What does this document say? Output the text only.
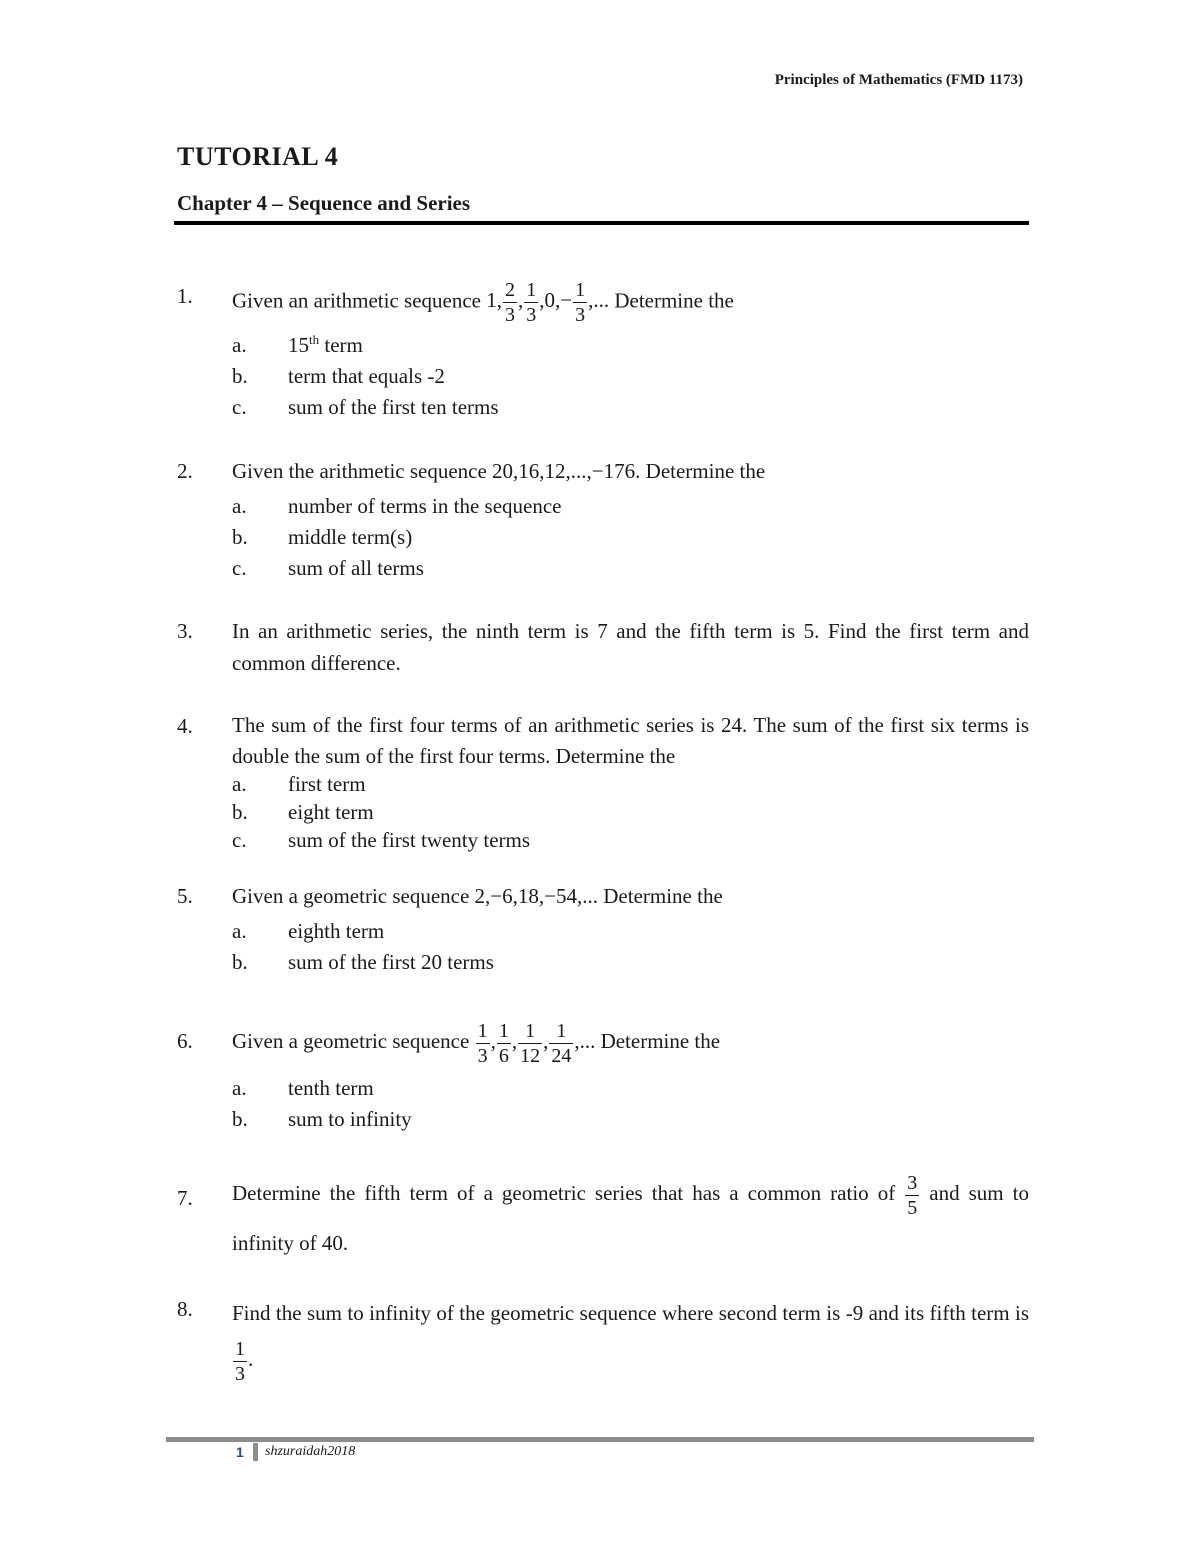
Principles of Mathematics (FMD 1173)
TUTORIAL 4
Chapter 4 – Sequence and Series
1. Given an arithmetic sequence 1, $\frac{2}{3}$ , $\frac{1}{3} ,0,- \frac{1}{3}$ ,... Determine the
a. 15th term
b. term that equals -2
c. sum of the first ten terms
2. Given the arithmetic sequence 20,16,12,...,−176. Determine the
a. number of terms in the sequence
b. middle term(s)
c. sum of all terms
3. In an arithmetic series, the ninth term is 7 and the fifth term is 5. Find the first term and common difference.
4. The sum of the first four terms of an arithmetic series is 24. The sum of the first six terms is double the sum of the first four terms. Determine the
a. first term
b. eight term
c. sum of the first twenty terms
5. Given a geometric sequence 2,−6,18,−54,... Determine the
a. eighth term
b. sum of the first 20 terms
6. Given a geometric sequence $\frac{1}{3}$ , $\frac{1}{6}$ , $\frac{1}{12}$ , $\frac{1}{24}$ ,... Determine the
a. tenth term
b. sum to infinity
7. Determine the fifth term of a geometric series that has a common ratio of $\frac{3}{5}$ and sum to infinity of 40.
8. Find the sum to infinity of the geometric sequence where second term is -9 and its fifth term is
$\frac{1}{3}$ .
1 shzuraidah2018
